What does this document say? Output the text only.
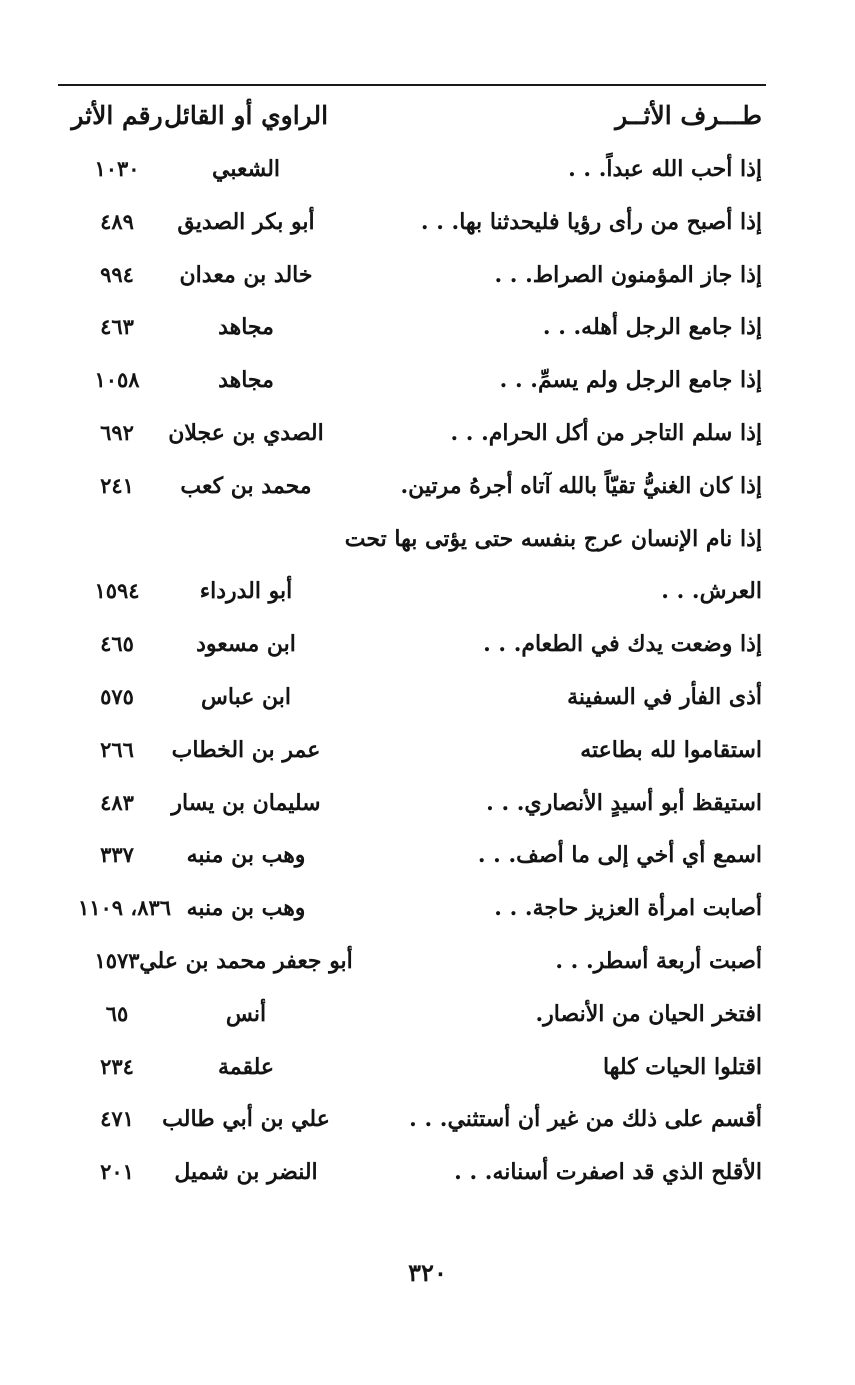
طـــرف الأثــر
الراوي أو القائل
رقم الأثر
إذا أحب الله عبداً. . .
الشعبي
١٠٣٠
إذا أصبح من رأى رؤيا فليحدثنا بها. . .
أبو بكر الصديق
٤٨٩
إذا جاز المؤمنون الصراط. . .
خالد بن معدان
٩٩٤
إذا جامع الرجل أهله. . .
مجاهد
٤٦٣
إذا جامع الرجل ولم يسمِّ. . .
مجاهد
١٠٥٨
إذا سلم التاجر من أكل الحرام. . .
الصدي بن عجلان
٦٩٢
إذا كان الغنيُّ تقيّاً بالله آتاه أجرهُ مرتين.
محمد بن كعب
٢٤١
إذا نام الإنسان عرج بنفسه حتى يؤتى بها تحت
العرش. . .
أبو الدرداء
١٥٩٤
إذا وضعت يدك في الطعام. . .
ابن مسعود
٤٦٥
أذى الفأر في السفينة
ابن عباس
٥٧٥
استقاموا لله بطاعته
عمر بن الخطاب
٢٦٦
استيقظ أبو أسيدٍ الأنصاري. . .
سليمان بن يسار
٤٨٣
اسمع أي أخي إلى ما أصف. . .
وهب بن منبه
٣٣٧
أصابت امرأة العزيز حاجة. . .
وهب بن منبه
٨٣٦، ١١٠٩
أصبت أربعة أسطر. . .
أبو جعفر محمد بن علي
١٥٧٣
افتخر الحيان من الأنصار.
أنس
٦٥
اقتلوا الحيات كلها
علقمة
٢٣٤
أقسم على ذلك من غير أن أستثني. . .
علي بن أبي طالب
٤٧١
الأقلح الذي قد اصفرت أسنانه. . .
النضر بن شميل
٢٠١
٣٢٠
